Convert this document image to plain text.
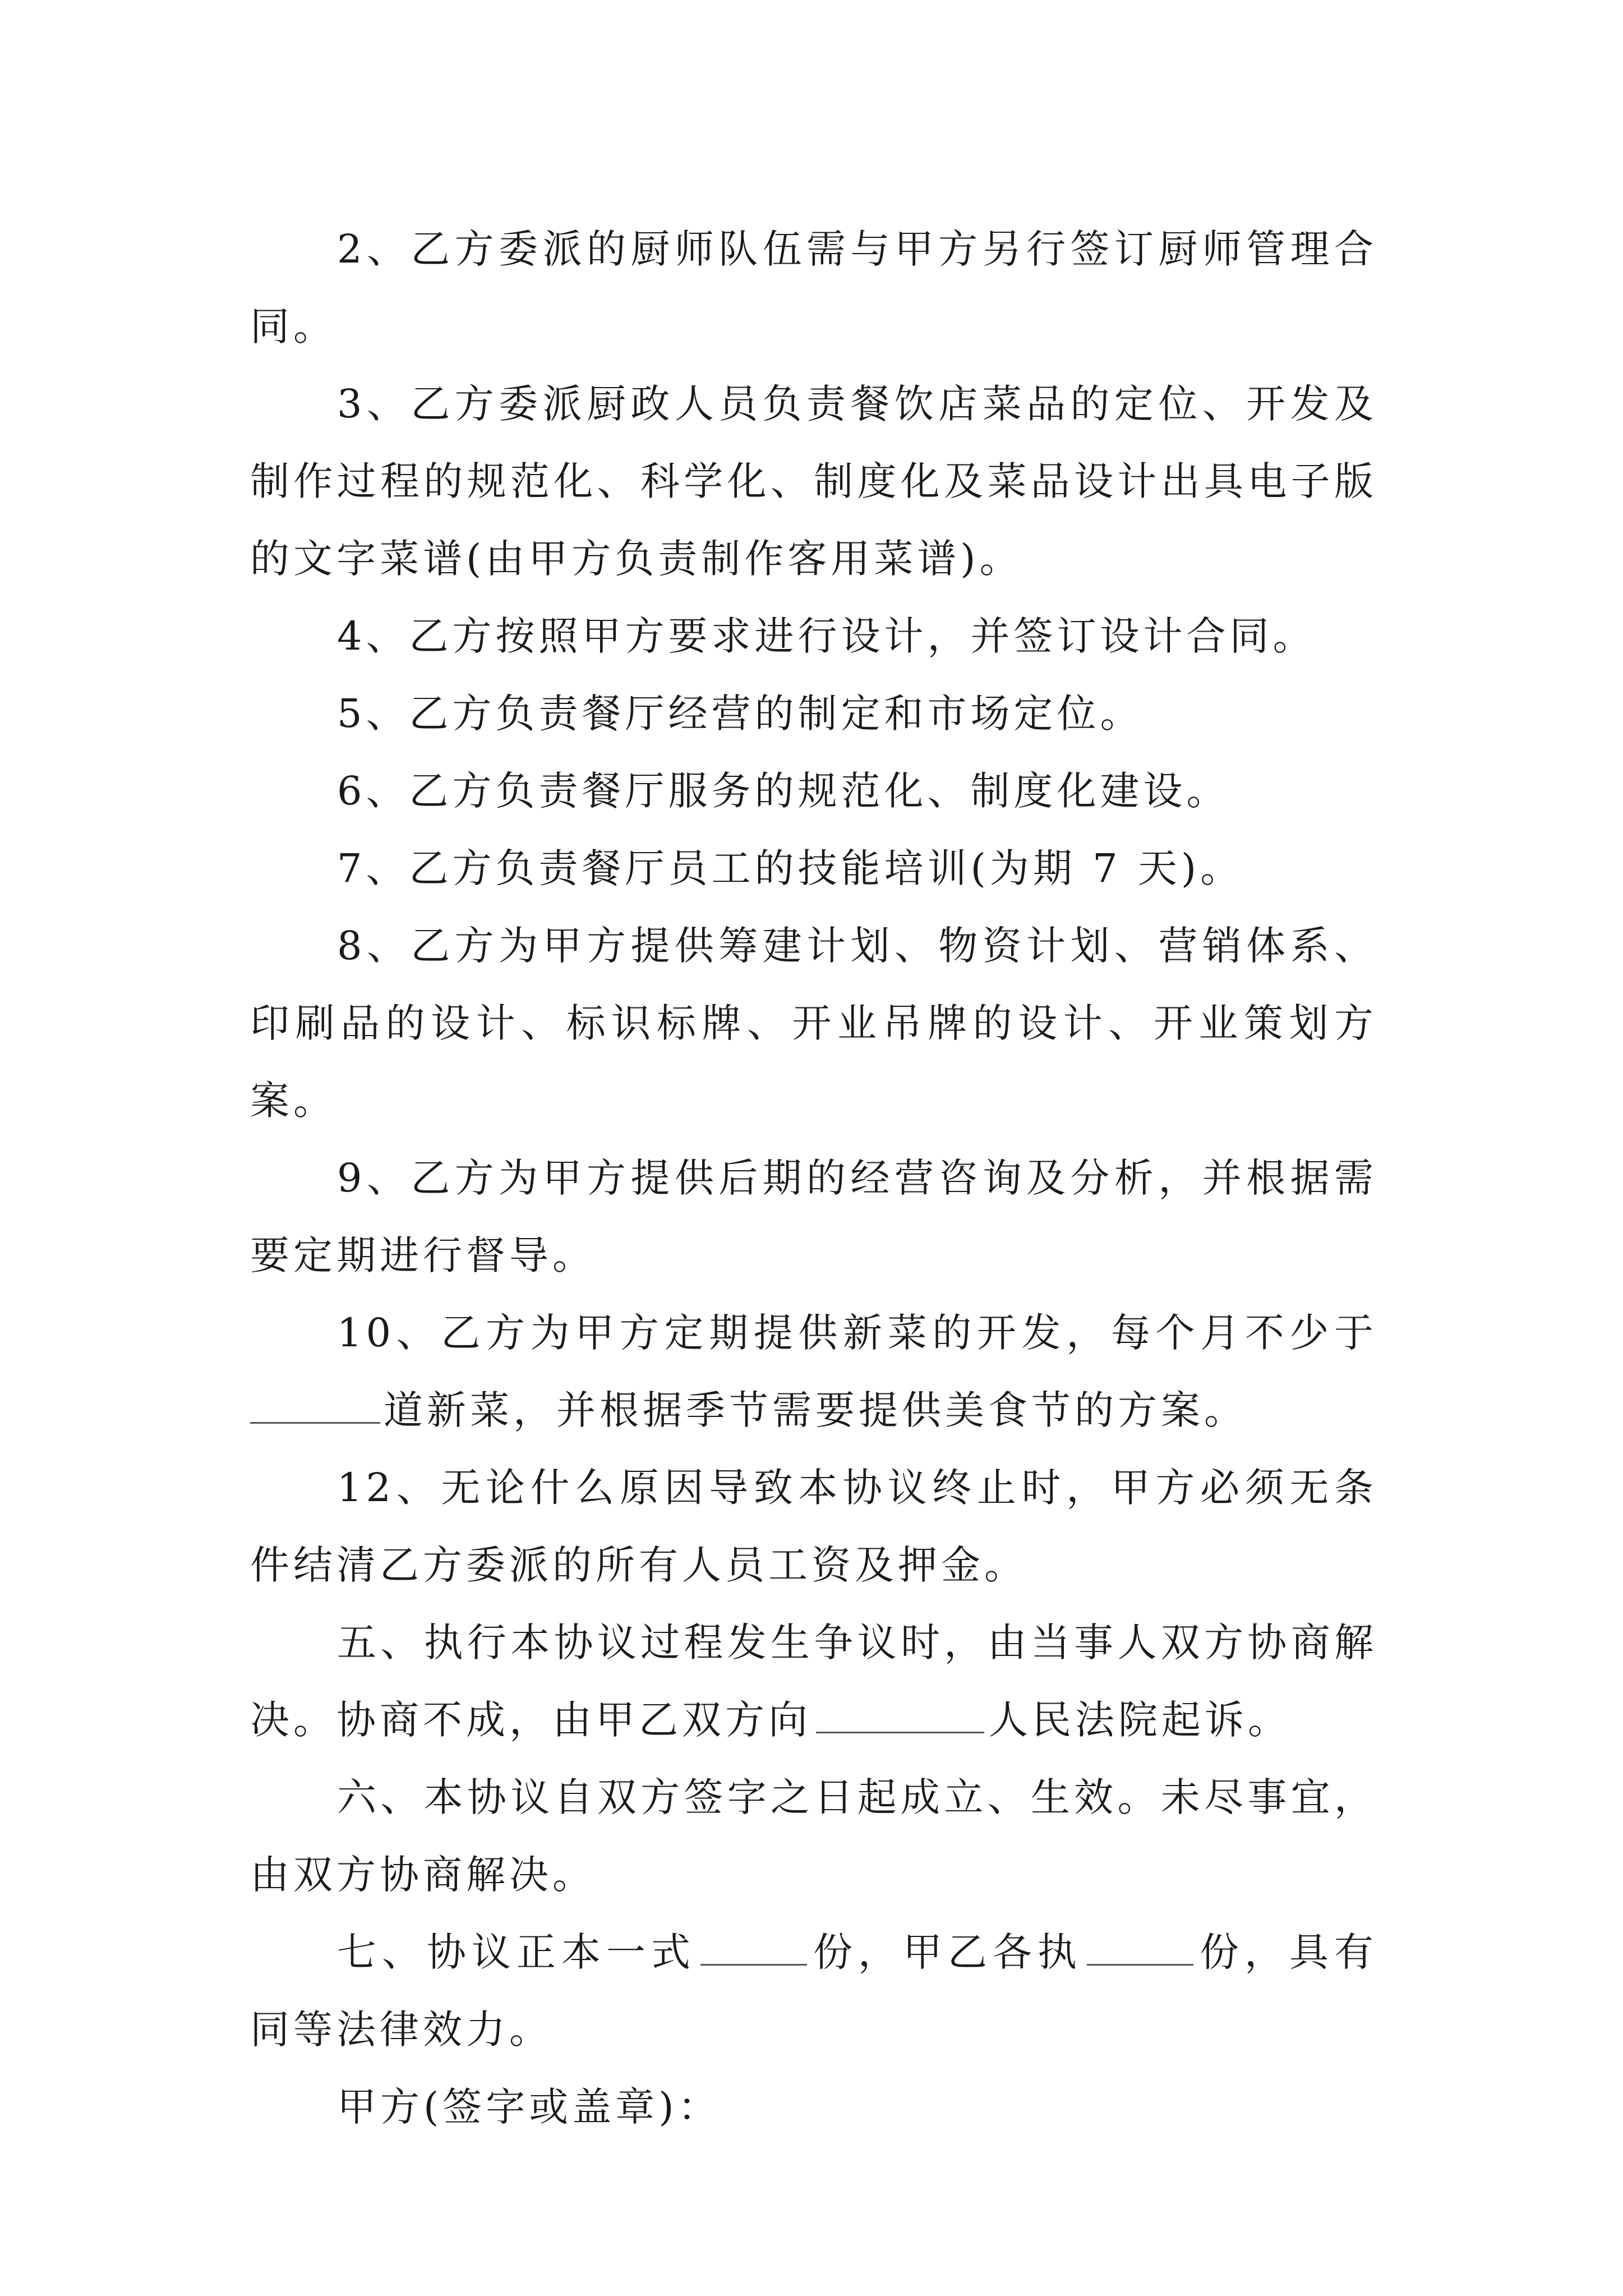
2、乙方委派的厨师队伍需与甲方另行签订厨师管理合同。

3、乙方委派厨政人员负责餐饮店菜品的定位、开发及制作过程的规范化、科学化、制度化及菜品设计出具电子版的文字菜谱(由甲方负责制作客用菜谱)。

4、乙方按照甲方要求进行设计，并签订设计合同。

5、乙方负责餐厅经营的制定和市场定位。

6、乙方负责餐厅服务的规范化、制度化建设。

7、乙方负责餐厅员工的技能培训(为期 7 天)。

8、乙方为甲方提供筹建计划、物资计划、营销体系、印刷品的设计、标识标牌、开业吊牌的设计、开业策划方案。

9、乙方为甲方提供后期的经营咨询及分析，并根据需要定期进行督导。

10、乙方为甲方定期提供新菜的开发，每个月不少于

道新菜，并根据季节需要提供美食节的方案。

12、无论什么原因导致本协议终止时，甲方必须无条件结清乙方委派的所有人员工资及押金。

五、执行本协议过程发生争议时，由当事人双方协商解决。协商不成，由甲乙双方向	人民法院起诉。

六、本协议自双方签字之日起成立、生效。未尽事宜，由双方协商解决。

七、协议正本一式	份，甲乙各执	份，具有同等法律效力。

甲方(签字或盖章)：
